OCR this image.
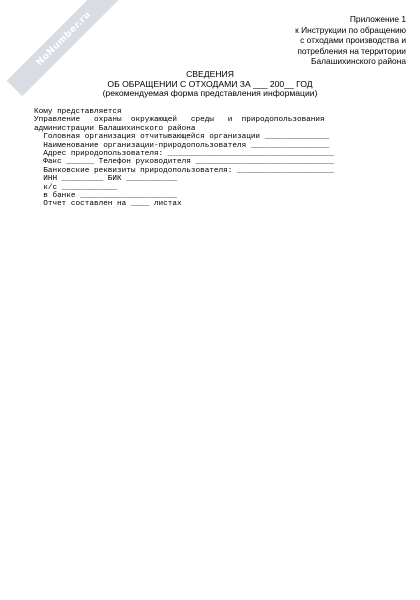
NoNumber.ru	Приложение 1
к Инструкции по обращению
с отходами производства и
потребления на территории
Балашихинского района
СВЕДЕНИЯ
ОБ ОБРАЩЕНИИ С ОТХОДАМИ ЗА ___ 200__ ГОД
(рекомендуемая форма представления информации)
Кому представляется
Управление   охраны  окружающей   среды   и  природопользования
администрации Балашихинского района
Головная организация отчитывающейся организации ______________
Наименование организации-природопользователя _________________
Адрес природопользователя: ____________________________________
Факс ______ Телефон руководителя ______________________________
Банковские реквизиты природопользователя: _____________________
ИНН _________ БИК ___________
к/с ____________
в банке _____________________
Отчет составлен на ____ листах
